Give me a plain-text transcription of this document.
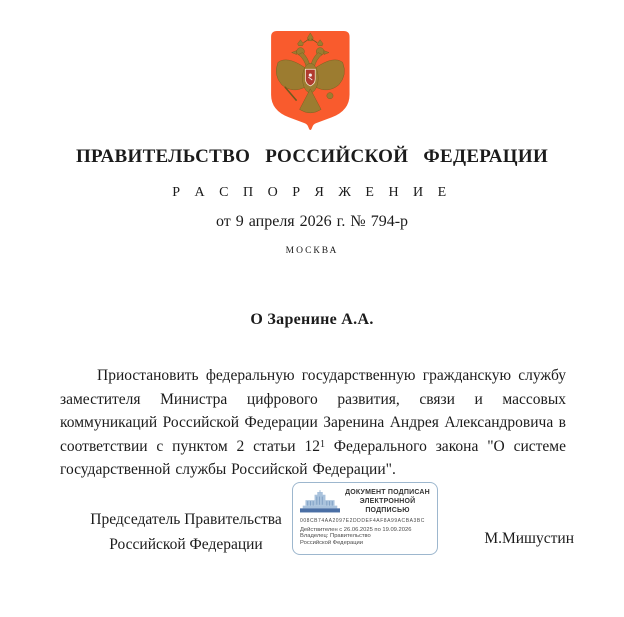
ПРАВИТЕЛЬСТВО РОССИЙСКОЙ ФЕДЕРАЦИИ
Р А С П О Р Я Ж Е Н И Е
от 9 апреля 2026 г. № 794-р
МОСКВА
О Заренине А.А.

Приостановить федеральную государственную гражданскую службу заместителя Министра цифрового развития, связи и массовых коммуникаций Российской Федерации Заренина Андрея Александровича в соответствии с пунктом 2 статьи $12^1$ Федерального закона "О системе государственной службы Российской Федерации".

Председатель Правительства
Российской Федерации
ДОКУМЕНТ ПОДПИСАН
ЭЛЕКТРОННОЙ ПОДПИСЬЮ
008CB74AA2097E2DDDEF4AF8A99ACBA3BC
Действителен с 26.06.2025 по 19.09.2026
Владелец: Правительство Российской Федерации	М.Мишустин
